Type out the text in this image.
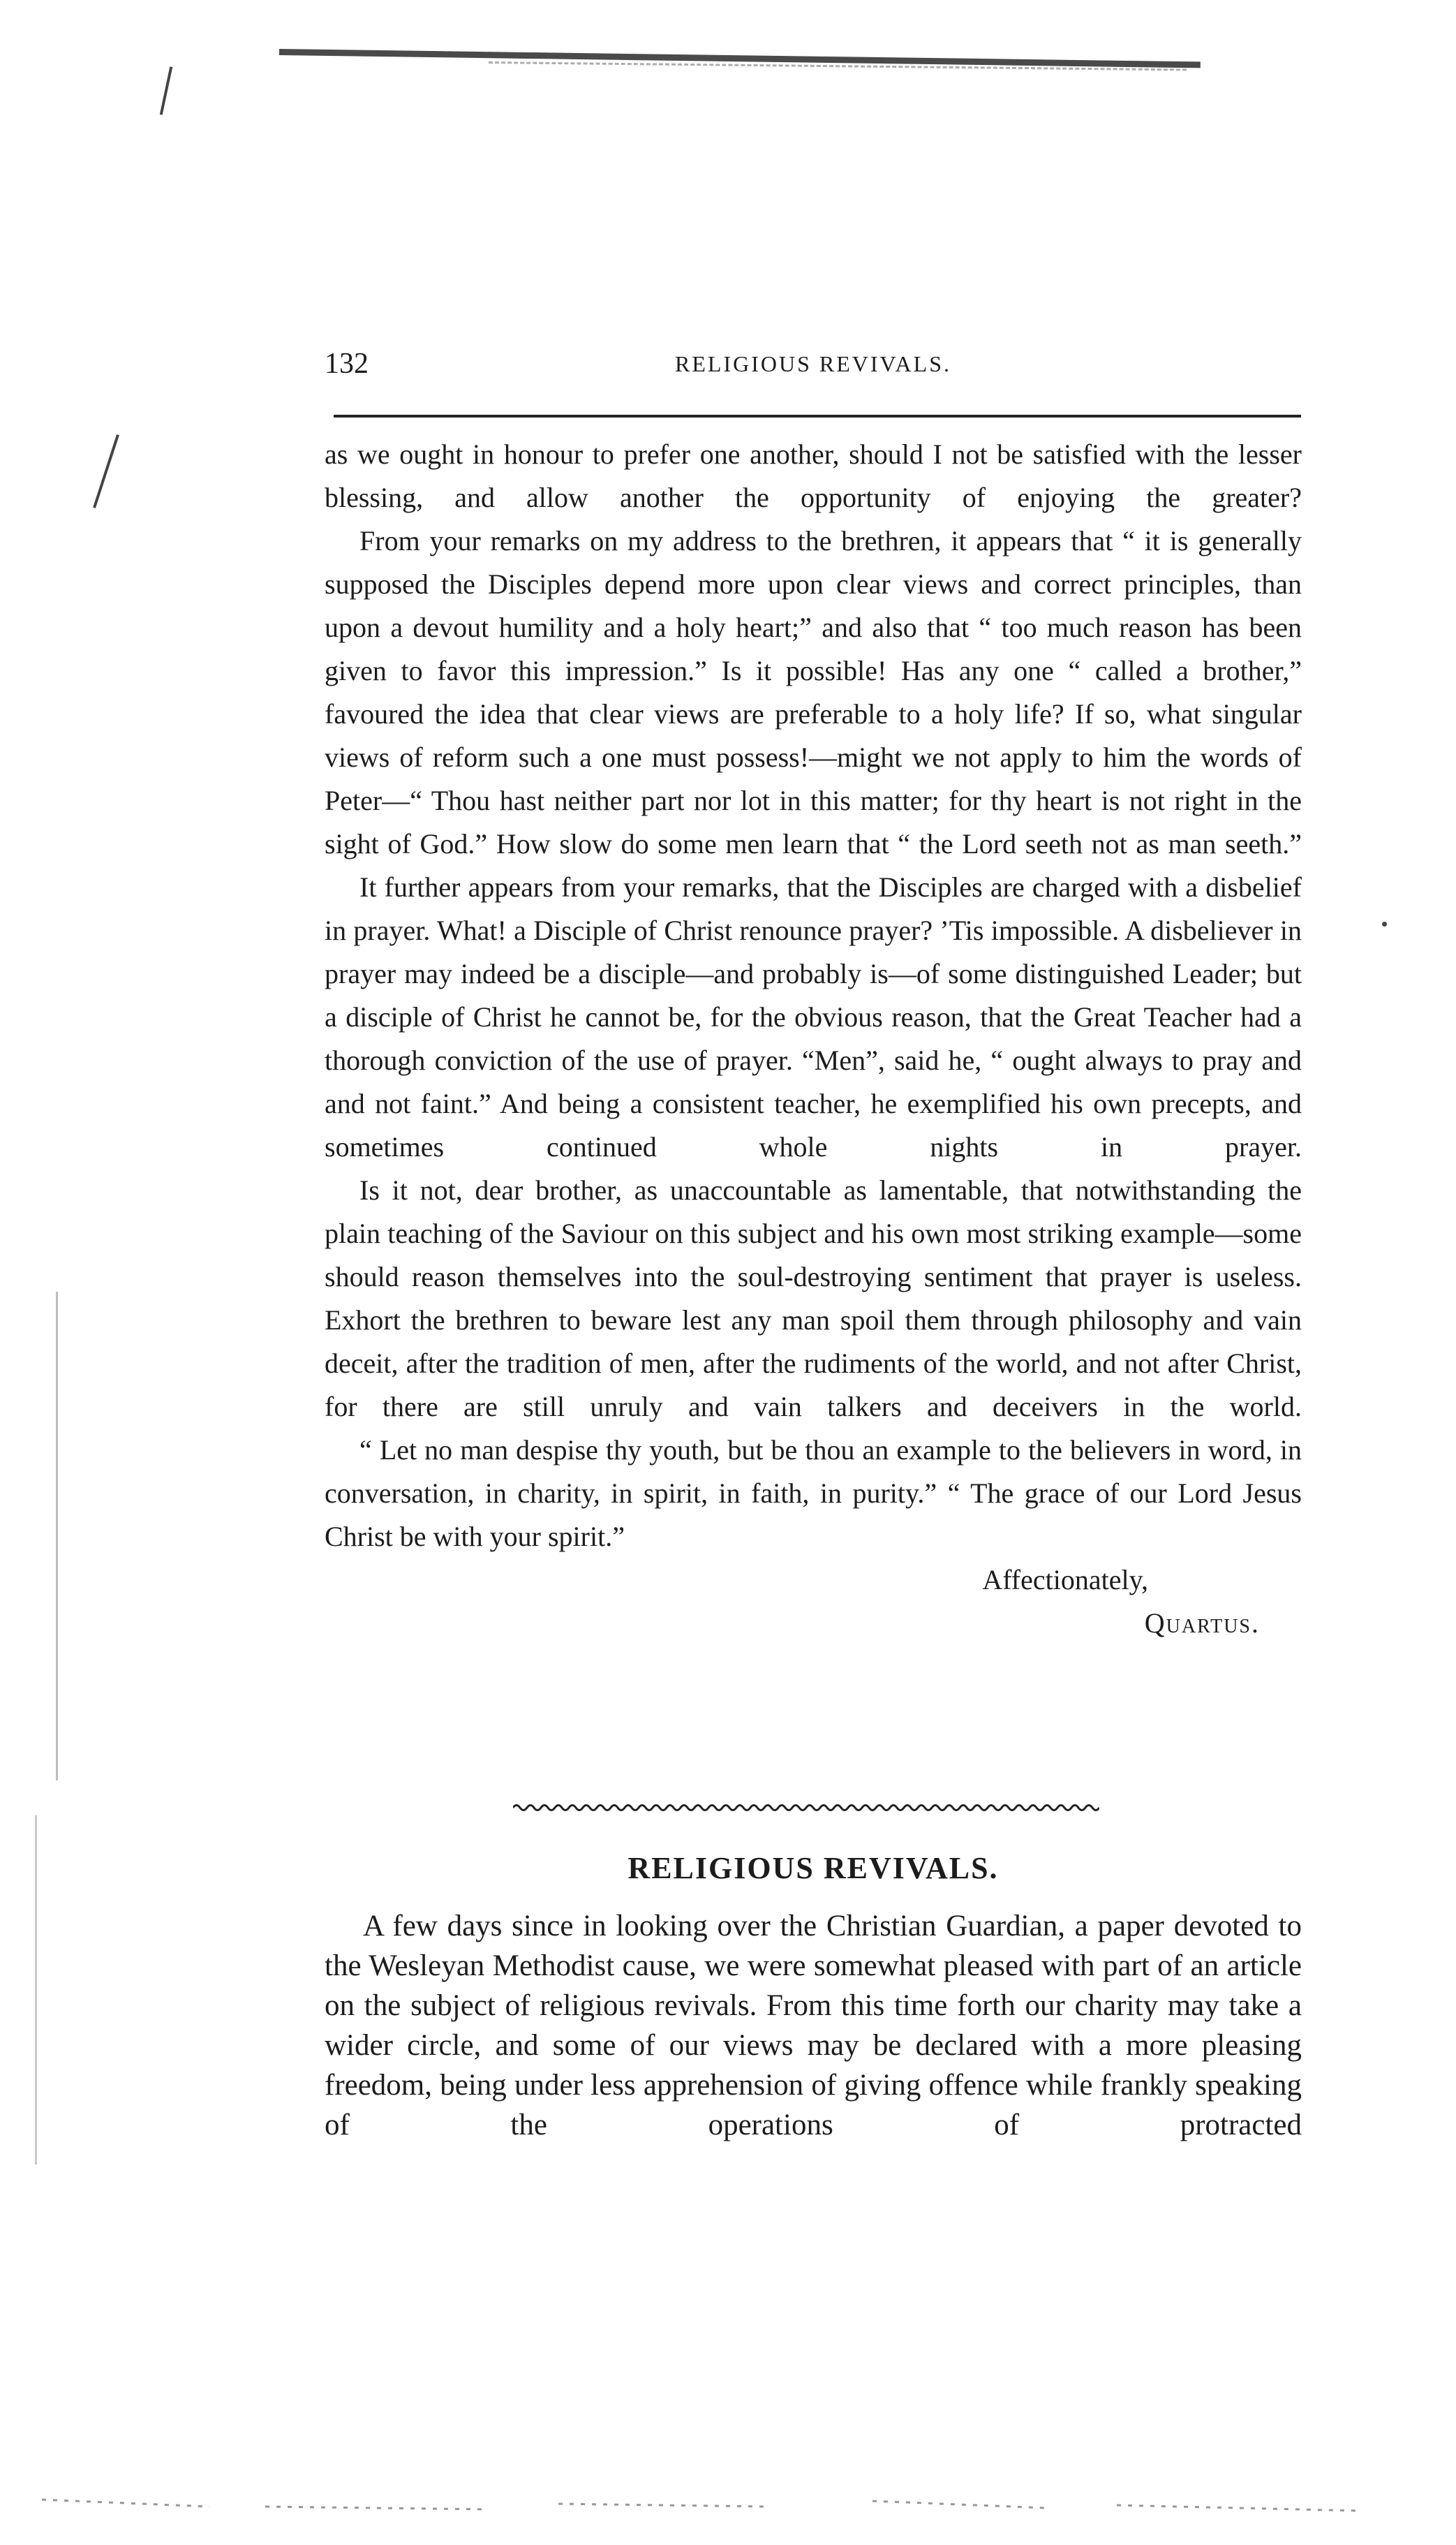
132	RELIGIOUS REVIVALS.

as we ought in honour to prefer one another, should I not be satisfied with the lesser blessing, and allow another the opportunity of enjoying the greater?

From your remarks on my address to the brethren, it appears that “ it is generally supposed the Disciples depend more upon clear views and correct principles, than upon a devout humility and a holy heart;” and also that “ too much reason has been given to favor this impression.” Is it possible! Has any one “ called a brother,” favoured the idea that clear views are preferable to a holy life? If so, what singular views of reform such a one must possess!—might we not apply to him the words of Peter—“ Thou hast neither part nor lot in this matter; for thy heart is not right in the sight of God.” How slow do some men learn that “ the Lord seeth not as man seeth.”

It further appears from your remarks, that the Disciples are charged with a disbelief in prayer. What! a Disciple of Christ renounce prayer? ’Tis impossible. A disbeliever in prayer may indeed be a disciple—and probably is—of some distinguished Leader; but a disciple of Christ he cannot be, for the obvious reason, that the Great Teacher had a thorough conviction of the use of prayer. “Men”, said he, “ ought always to pray and and not faint.” And being a consistent teacher, he exemplified his own precepts, and sometimes continued whole nights in prayer.

Is it not, dear brother, as unaccountable as lamentable, that notwithstanding the plain teaching of the Saviour on this subject and his own most striking example—some should reason themselves into the soul-destroying sentiment that prayer is useless. Exhort the brethren to beware lest any man spoil them through philosophy and vain deceit, after the tradition of men, after the rudiments of the world, and not after Christ, for there are still unruly and vain talkers and deceivers in the world.

“ Let no man despise thy youth, but be thou an example to the believers in word, in conversation, in charity, in spirit, in faith, in purity.” “ The grace of our Lord Jesus Christ be with your spirit.”

Affectionately,
Quartus.
RELIGIOUS REVIVALS.

A few days since in looking over the Christian Guardian, a paper devoted to the Wesleyan Methodist cause, we were somewhat pleased with part of an article on the subject of religious revivals. From this time forth our charity may take a wider circle, and some of our views may be declared with a more pleasing freedom, being under less apprehension of giving offence while frankly speaking of the operations of protracted
